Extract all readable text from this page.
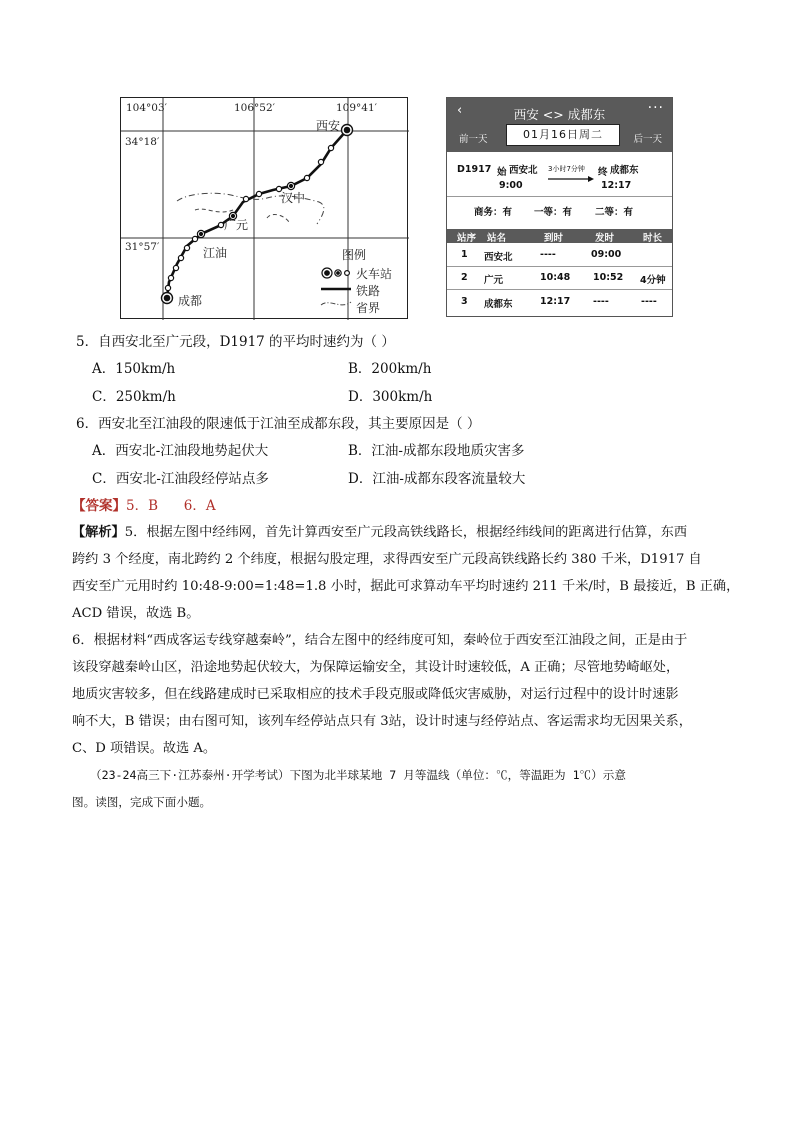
104°03′	106°52′	109°41′
34°18′
31°57′
西安
汉中
广元
江油
成都
图例
火车站
铁路
省界
‹	西安 <> 成都东	···
前一天	01月16日周二	后一天
D1917 始 西安北 3小时7分钟 终 成都东
9:00	12:17
商务：有 一等：有 二等：有
站序 站名	到时	发时	时长
1 西安北	----	09:00
2 广元	10:48 10:52 4分钟
3 成都东	12:17 ----	----
5．自西安北至广元段，D1917 的平均时速约为（ ）
A．150km/h	B．200km/h
C．250km/h	D．300km/h
6．西安北至江油段的限速低于江油至成都东段，其主要原因是（ ）
A．西安北-江油段地势起伏大	B．江油-成都东段地质灾害多
C．西安北-江油段经停站点多	D．江油-成都东段客流量较大
【答案】5．B      6．A
【解析】5．根据左图中经纬网，首先计算西安至广元段高铁线路长，根据经纬线间的距离进行估算，东西
跨约 3 个经度，南北跨约 2 个纬度，根据勾股定理，求得西安至广元段高铁线路长约 380 千米，D1917 自
西安至广元用时约 10:48-9:00=1:48=1.8 小时，据此可求算动车平均时速约 211 千米/时，B 最接近，B 正确，
ACD 错误，故选 B。
6．根据材料“西成客运专线穿越秦岭”，结合左图中的经纬度可知，秦岭位于西安至江油段之间，正是由于
该段穿越秦岭山区，沿途地势起伏较大，为保障运输安全，其设计时速较低，A 正确；尽管地势崎岖处，
地质灾害较多，但在线路建成时已采取相应的技术手段克服或降低灾害威胁，对运行过程中的设计时速影
响不大，B 错误；由右图可知，该列车经停站点只有 3站，设计时速与经停站点、客运需求均无因果关系，
C、D 项错误。故选 A。
（23-24高三下·江苏泰州·开学考试）下图为北半球某地 7 月等温线（单位：℃，等温距为 1℃）示意
图。读图，完成下面小题。
